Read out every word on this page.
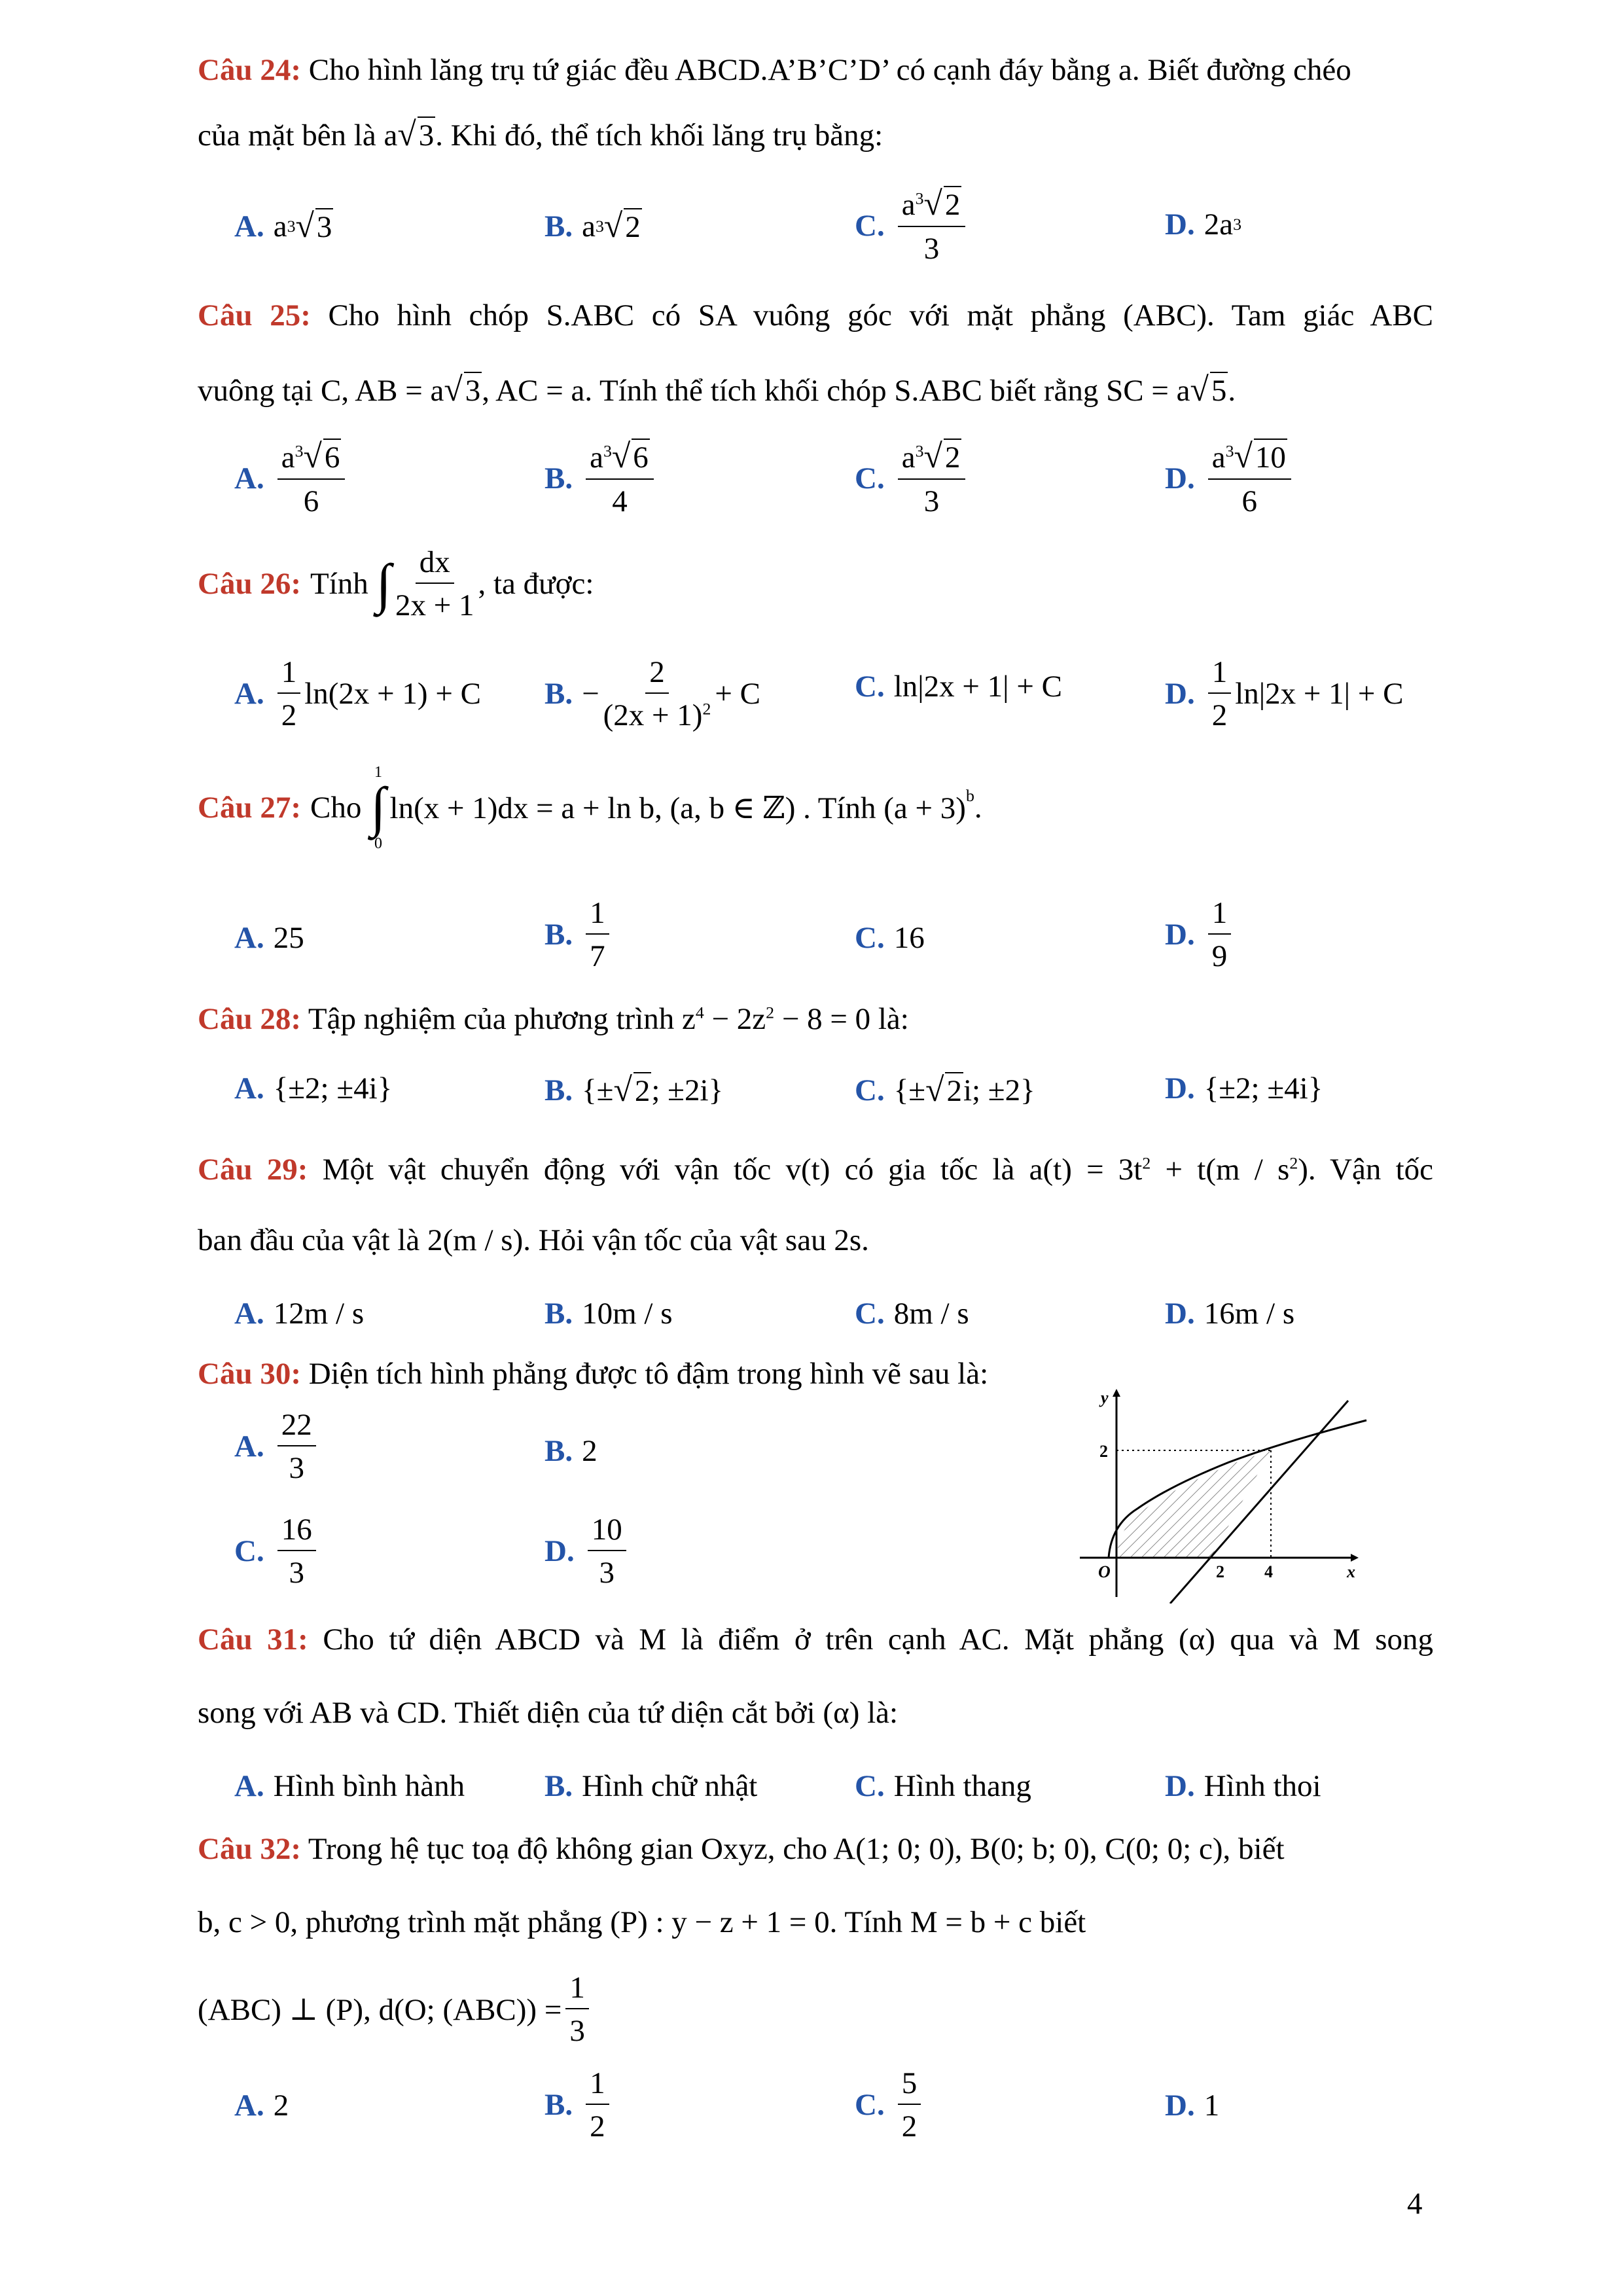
Câu 24: Cho hình lăng trụ tứ giác đều ABCD.A’B’C’D’ có cạnh đáy bằng a. Biết đường chéo
của mặt bên là a√3. Khi đó, thể tích khối lăng trụ bằng:
A. a 3 √ 3	B. a 3 √ 2	C. $\frac{a^3√2}{3}$	D. 2a 3
Câu 25: Cho hình chóp S.ABC có SA vuông góc với mặt phẳng (ABC). Tam giác ABC
vuông tại C, AB = a√3, AC = a. Tính thể tích khối chóp S.ABC biết rằng SC = a√5.
A. $\frac{a^3√6}{6}$	B. $\frac{a^3√6}{4}$	C. $\frac{a^3√2}{3}$	D. $\frac{a^3√10}{6}$
Câu 26: Tính ∫ $\frac{dx}{2x + 1}$ , ta được:
A. $\frac{1}{2} \ln(2x + 1) + C$ B. − $\frac{2}{(2x + 1)^2} + C$	C. ln|2x + 1| + C	D. $\frac{1}{2} \ln|2x + 1| + C$
Câu 27: Cho
1
∫
0
ln(x + 1)dx = a + ln b, (a, b ∈ ℤ) . Tính $(a + 3)^b$ .
A. 25	B. $\frac{1}{7}$	C. 16	D. $\frac{1}{9}$
Câu 28: Tập nghiệm của phương trình $z^4 - 2z^2 - 8 = 0$ là:
A. {±2; ±4i}	B. {± √ 2 ; ±2i}	C. {± √ 2 i; ±2}	D. {±2; ±4i}
Câu 29: Một vật chuyển động với vận tốc v(t) có gia tốc là $a(t) = 3t^2 + t(m / s^2)$. Vận tốc
ban đầu của vật là 2(m / s). Hỏi vận tốc của vật sau 2s.
A. 12m / s	B. 10m / s	C. 8m / s	D. 16m / s
Câu 30: Diện tích hình phẳng được tô đậm trong hình vẽ sau là:
A. $\frac{22}{3}$	B. 2
C. $\frac{16}{3}$	D. $\frac{10}{3}$
y
x
O
2
2 4
Câu 31: Cho tứ diện ABCD và M là điểm ở trên cạnh AC. Mặt phẳng (α) qua và M song
song với AB và CD. Thiết diện của tứ diện cắt bởi (α) là:
A. Hình bình hành	B. Hình chữ nhật	C. Hình thang	D. Hình thoi
Câu 32: Trong hệ tục toạ độ không gian Oxyz, cho A(1; 0; 0), B(0; b; 0), C(0; 0; c), biết
b, c > 0, phương trình mặt phẳng (P) : y − z + 1 = 0. Tính M = b + c biết
(ABC) ⊥ (P), d(O; $(ABC)) = \frac{1}{3}$
A. 2	B. $\frac{1}{2}$	C. $\frac{5}{2}$	D. 1
4
